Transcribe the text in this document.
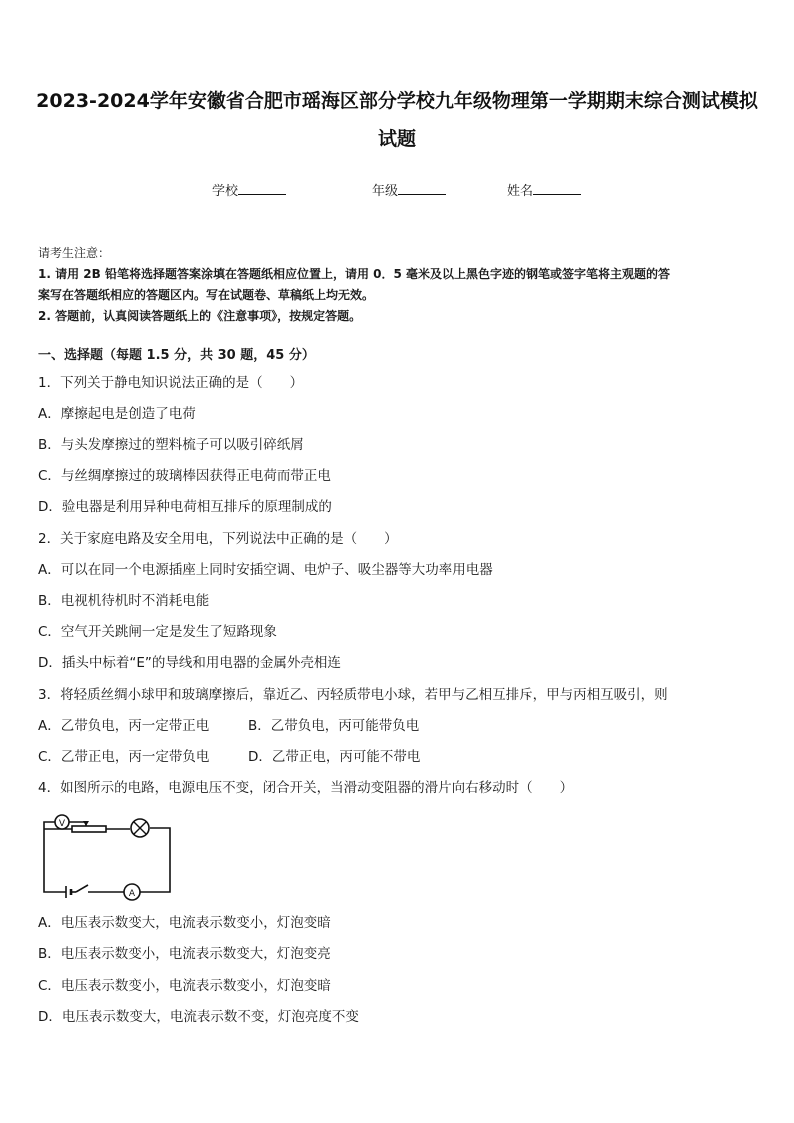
2023-2024学年安徽省合肥市瑶海区部分学校九年级物理第一学期期末综合测试模拟
试题
学校	年级	姓名
请考生注意：
1. 请用 2B 铅笔将选择题答案涂填在答题纸相应位置上，请用 0．5 毫米及以上黑色字迹的钢笔或签字笔将主观题的答
案写在答题纸相应的答题区内。写在试题卷、草稿纸上均无效。
2. 答题前，认真阅读答题纸上的《注意事项》，按规定答题。
一、选择题（每题 1.5 分，共 30 题，45 分）
1．下列关于静电知识说法正确的是（　　）
A．摩擦起电是创造了电荷
B．与头发摩擦过的塑料梳子可以吸引碎纸屑
C．与丝绸摩擦过的玻璃棒因获得正电荷而带正电
D．验电器是利用异种电荷相互排斥的原理制成的
2．关于家庭电路及安全用电，下列说法中正确的是（　　）
A．可以在同一个电源插座上同时安插空调、电炉子、吸尘器等大功率用电器
B．电视机待机时不消耗电能
C．空气开关跳闸一定是发生了短路现象
D．插头中标着“E”的导线和用电器的金属外壳相连
3．将轻质丝绸小球甲和玻璃摩擦后，靠近乙、丙轻质带电小球，若甲与乙相互排斥，甲与丙相互吸引，则
A．乙带负电，丙一定带正电	B．乙带负电，丙可能带负电
C．乙带正电，丙一定带负电	D．乙带正电，丙可能不带电
4．如图所示的电路，电源电压不变，闭合开关，当滑动变阻器的滑片向右移动时（　　）
V
A
A．电压表示数变大，电流表示数变小，灯泡变暗
B．电压表示数变小，电流表示数变大，灯泡变亮
C．电压表示数变小，电流表示数变小，灯泡变暗
D．电压表示数变大，电流表示数不变，灯泡亮度不变
